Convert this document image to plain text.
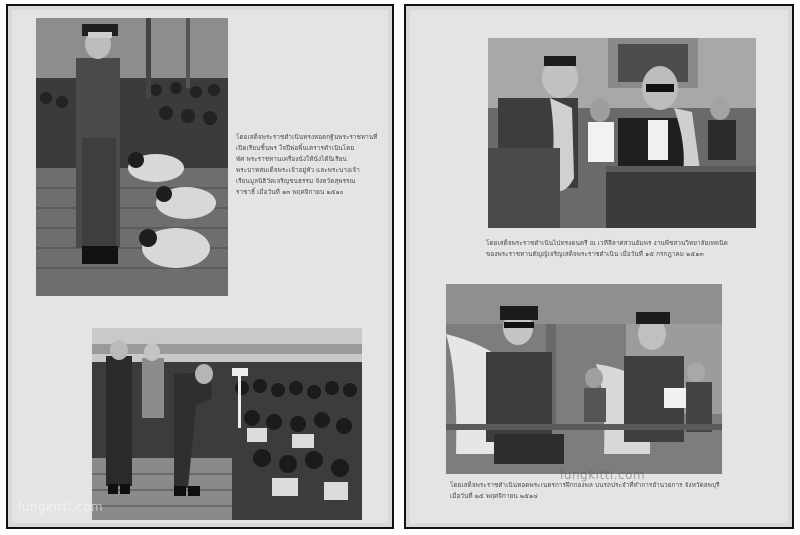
โดยเสด็จพระราชดำเนินทรงทอดกฐินพระราชทานที่
เปิดเรียนชิ้นพร ใจปีพ่อพิ้นเตรารดำเนินโดย
พัศ พระราชทานเครื่องนั่งให้นั่งได้นิเรียน
พระบาทสมเด็จพระเจ้าอยู่หัว และพระนางเจ้า
เรียนมูลนิธิวัดเจริญชนธรรม จังหวัดสุพรรณ
ราชาธิ์ เมื่อวันที่ ๑๓ พฤศจิกายน ๒๕๑๐
lungkitti.com
โดยเสด็จพระราชดำเนินไปทรงดนตรี ณ เวทีลีลาศสวนอัมพร งานพืชสวนวิทยาลัยเทคนิค
ของพระราชทานตัญญ์เจริญเสด็จพระราชดำเนิน เมื่อวันที่ ๑๕ กรกฎาคม ๒๕๑๓
โดยเสด็จพระราชดำเนินทอดพระเนตรการฝึกกองพล บนรถประจำที่ทำการอำนวยการ จังหวัดลพบุรี
เมื่อวันที่ ๒๕ พฤศจิกายน ๒๕๑๔
lungkitti.com
